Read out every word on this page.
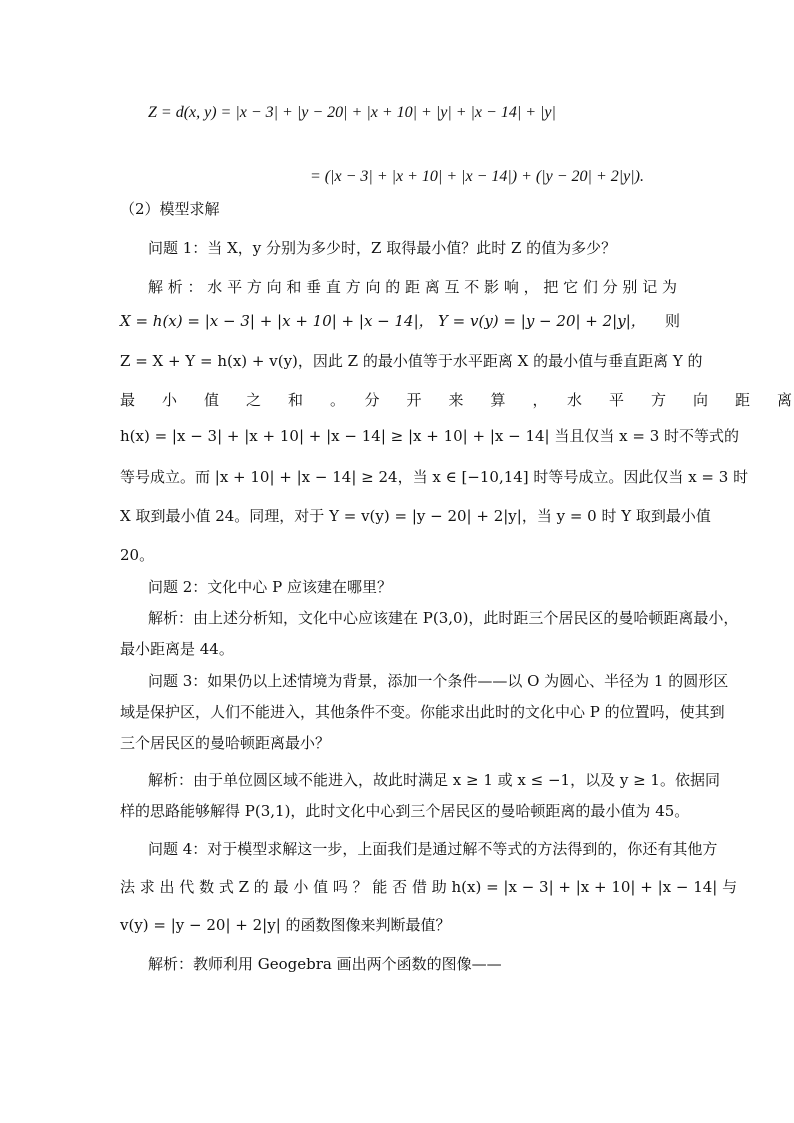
Z = d(x, y) = |x − 3| + |y − 20| + |x + 10| + |y| + |x − 14| + |y|
= (|x − 3| + |x + 10| + |x − 14|) + (|y − 20| + 2|y|).
（2）模型求解
问题 1：当 X，y 分别为多少时，Z 取得最小值？此时 Z 的值为多少？
解 析 ： 水 平 方 向 和 垂 直 方 向 的 距 离 互 不 影 响 ， 把 它 们 分 别 记 为
X = h(x) = |x − 3| + |x + 10| + |x − 14|， Y = v(y) = |y − 20| + 2|y|， 则
Z = X + Y = h(x) + v(y)，因此 Z 的最小值等于水平距离 X 的最小值与垂直距离 Y 的
最　　小　　值　　之　　和　　。　　分　　开　　来　　算　　，　　水　　平　　方　　向　　距　　离
h(x) = |x − 3| + |x + 10| + |x − 14| ≥ |x + 10| + |x − 14| 当且仅当 x = 3 时不等式的
等号成立。而 |x + 10| + |x − 14| ≥ 24，当 x ∈ [−10,14] 时等号成立。因此仅当 x = 3 时
X 取到最小值 24。同理，对于 Y = v(y) = |y − 20| + 2|y|，当 y = 0 时 Y 取到最小值
20。
问题 2：文化中心 P 应该建在哪里？
解析：由上述分析知，文化中心应该建在 P(3,0)，此时距三个居民区的曼哈顿距离最小，
最小距离是 44。
问题 3：如果仍以上述情境为背景，添加一个条件——以 O 为圆心、半径为 1 的圆形区
域是保护区，人们不能进入，其他条件不变。你能求出此时的文化中心 P 的位置吗，使其到
三个居民区的曼哈顿距离最小？
解析：由于单位圆区域不能进入，故此时满足 x ≥ 1 或 x ≤ −1，以及 y ≥ 1。依据同
样的思路能够解得 P(3,1)，此时文化中心到三个居民区的曼哈顿距离的最小值为 45。
问题 4：对于模型求解这一步，上面我们是通过解不等式的方法得到的，你还有其他方
法 求 出 代 数 式 Z 的 最 小 值 吗 ？ 能 否 借 助 h(x) = |x − 3| + |x + 10| + |x − 14| 与
v(y) = |y − 20| + 2|y| 的函数图像来判断最值？
解析：教师利用 Geogebra 画出两个函数的图像——
